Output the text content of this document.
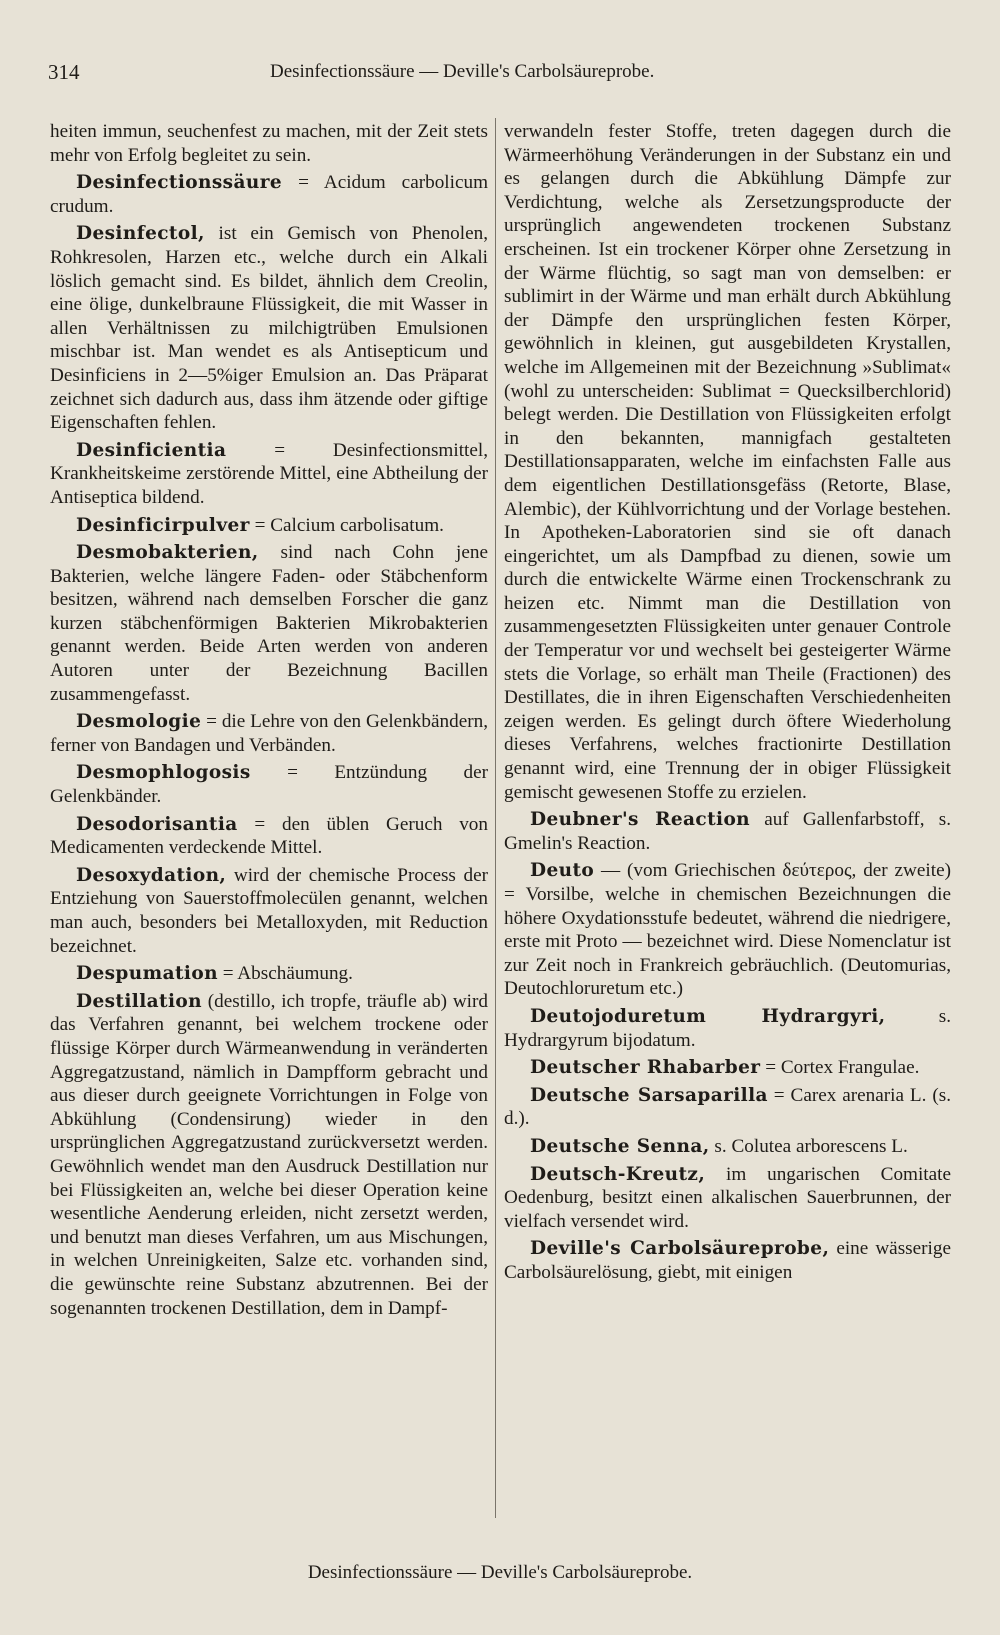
314	Desinfectionssäure — Deville's Carbolsäureprobe.

heiten immun, seuchenfest zu machen, mit der Zeit stets mehr von Erfolg begleitet zu sein.

Desinfectionssäure = Acidum carbolicum crudum.

Desinfectol, ist ein Gemisch von Phenolen, Rohkresolen, Harzen etc., welche durch ein Alkali löslich gemacht sind. Es bildet, ähnlich dem Creolin, eine ölige, dunkelbraune Flüssigkeit, die mit Wasser in allen Verhältnissen zu milchigtrüben Emulsionen mischbar ist. Man wendet es als Antisepticum und Desinficiens in 2—5%iger Emulsion an. Das Präparat zeichnet sich dadurch aus, dass ihm ätzende oder giftige Eigenschaften fehlen.

Desinficientia = Desinfectionsmittel, Krankheitskeime zerstörende Mittel, eine Abtheilung der Antiseptica bildend.

Desinficirpulver = Calcium carbolisatum.

Desmobakterien, sind nach Cohn jene Bakterien, welche längere Faden- oder Stäbchenform besitzen, während nach demselben Forscher die ganz kurzen stäbchenförmigen Bakterien Mikrobakterien genannt werden. Beide Arten werden von anderen Autoren unter der Bezeichnung Bacillen zusammengefasst.

Desmologie = die Lehre von den Gelenkbändern, ferner von Bandagen und Verbänden.

Desmophlogosis = Entzündung der Gelenkbänder.

Desodorisantia = den üblen Geruch von Medicamenten verdeckende Mittel.

Desoxydation, wird der chemische Process der Entziehung von Sauerstoffmolecülen genannt, welchen man auch, besonders bei Metalloxyden, mit Reduction bezeichnet.

Despumation = Abschäumung.

Destillation (destillo, ich tropfe, träufle ab) wird das Verfahren genannt, bei welchem trockene oder flüssige Körper durch Wärmeanwendung in veränderten Aggregatzustand, nämlich in Dampfform gebracht und aus dieser durch geeignete Vorrichtungen in Folge von Abkühlung (Condensirung) wieder in den ursprünglichen Aggregatzustand zurückversetzt werden. Gewöhnlich wendet man den Ausdruck Destillation nur bei Flüssigkeiten an, welche bei dieser Operation keine wesentliche Aenderung erleiden, nicht zersetzt werden, und benutzt man dieses Verfahren, um aus Mischungen, in welchen Unreinigkeiten, Salze etc. vorhanden sind, die gewünschte reine Substanz abzutrennen. Bei der sogenannten trockenen Destillation, dem in Dampf-

verwandeln fester Stoffe, treten dagegen durch die Wärmeerhöhung Veränderungen in der Substanz ein und es gelangen durch die Abkühlung Dämpfe zur Verdichtung, welche als Zersetzungsproducte der ursprünglich angewendeten trockenen Substanz erscheinen. Ist ein trockener Körper ohne Zersetzung in der Wärme flüchtig, so sagt man von demselben: er sublimirt in der Wärme und man erhält durch Abkühlung der Dämpfe den ursprünglichen festen Körper, gewöhnlich in kleinen, gut ausgebildeten Krystallen, welche im Allgemeinen mit der Bezeichnung »Sublimat« (wohl zu unterscheiden: Sublimat = Quecksilberchlorid) belegt werden. Die Destillation von Flüssigkeiten erfolgt in den bekannten, mannigfach gestalteten Destillationsapparaten, welche im einfachsten Falle aus dem eigentlichen Destillationsgefäss (Retorte, Blase, Alembic), der Kühlvorrichtung und der Vorlage bestehen. In Apotheken-Laboratorien sind sie oft danach eingerichtet, um als Dampfbad zu dienen, sowie um durch die entwickelte Wärme einen Trockenschrank zu heizen etc. Nimmt man die Destillation von zusammengesetzten Flüssigkeiten unter genauer Controle der Temperatur vor und wechselt bei gesteigerter Wärme stets die Vorlage, so erhält man Theile (Fractionen) des Destillates, die in ihren Eigenschaften Verschiedenheiten zeigen werden. Es gelingt durch öftere Wiederholung dieses Verfahrens, welches fractionirte Destillation genannt wird, eine Trennung der in obiger Flüssigkeit gemischt gewesenen Stoffe zu erzielen.

Deubner's Reaction auf Gallenfarbstoff, s. Gmelin's Reaction.

Deuto — (vom Griechischen δεύτερος, der zweite) = Vorsilbe, welche in chemischen Bezeichnungen die höhere Oxydationsstufe bedeutet, während die niedrigere, erste mit Proto — bezeichnet wird. Diese Nomenclatur ist zur Zeit noch in Frankreich gebräuchlich. (Deutomurias, Deutochloruretum etc.)

Deutojoduretum Hydrargyri, s. Hydrargyrum bijodatum.

Deutscher Rhabarber = Cortex Frangulae.

Deutsche Sarsaparilla = Carex arenaria L. (s. d.).

Deutsche Senna, s. Colutea arborescens L.

Deutsch-Kreutz, im ungarischen Comitate Oedenburg, besitzt einen alkalischen Sauerbrunnen, der vielfach versendet wird.

Deville's Carbolsäureprobe, eine wässerige Carbolsäurelösung, giebt, mit einigen

Desinfectionssäure — Deville's Carbolsäureprobe.
